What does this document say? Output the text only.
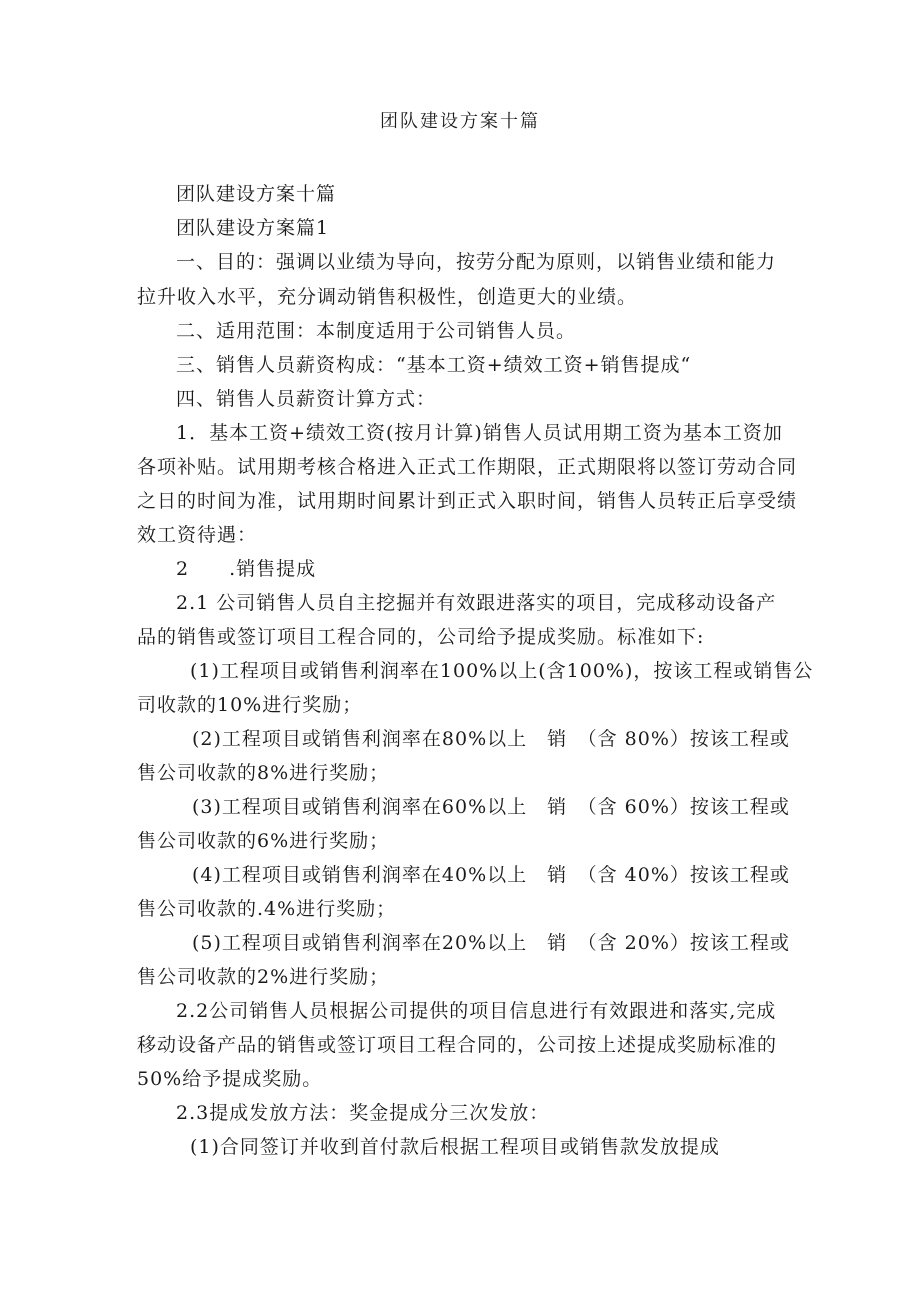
团队建设方案十篇
团队建设方案十篇
团队建设方案篇1
一、目的：强调以业绩为导向，按劳分配为原则，以销售业绩和能力
拉升收入水平，充分调动销售积极性，创造更大的业绩。
二、适用范围：本制度适用于公司销售人员。
三、销售人员薪资构成：“基本工资+绩效工资+销售提成“
四、销售人员薪资计算方式：
1．基本工资+绩效工资(按月计算)销售人员试用期工资为基本工资加
各项补贴。试用期考核合格进入正式工作期限，正式期限将以签订劳动合同
之日的时间为准，试用期时间累计到正式入职时间，销售人员转正后享受绩
效工资待遇：
2　　.销售提成
2.1 公司销售人员自主挖掘并有效跟进落实的项目，完成移动设备产
品的销售或签订项目工程合同的，公司给予提成奖励。标准如下:
(1)工程项目或销售利润率在100%以上(含100%)，按该工程或销售公
司收款的10%进行奖励；
(2)工程项目或销售利润率在80%以上　销　（含 80%）按该工程或
售公司收款的8%进行奖励；
(3)工程项目或销售利润率在60%以上　销　（含 60%）按该工程或
售公司收款的6%进行奖励；
(4)工程项目或销售利润率在40%以上　销　（含 40%）按该工程或
售公司收款的.4%进行奖励；
(5)工程项目或销售利润率在20%以上　销　（含 20%）按该工程或
售公司收款的2%进行奖励；
2.2公司销售人员根据公司提供的项目信息进行有效跟进和落实,完成
移动设备产品的销售或签订项目工程合同的，公司按上述提成奖励标准的
50%给予提成奖励。
2.3提成发放方法：奖金提成分三次发放：
(1)合同签订并收到首付款后根据工程项目或销售款发放提成
